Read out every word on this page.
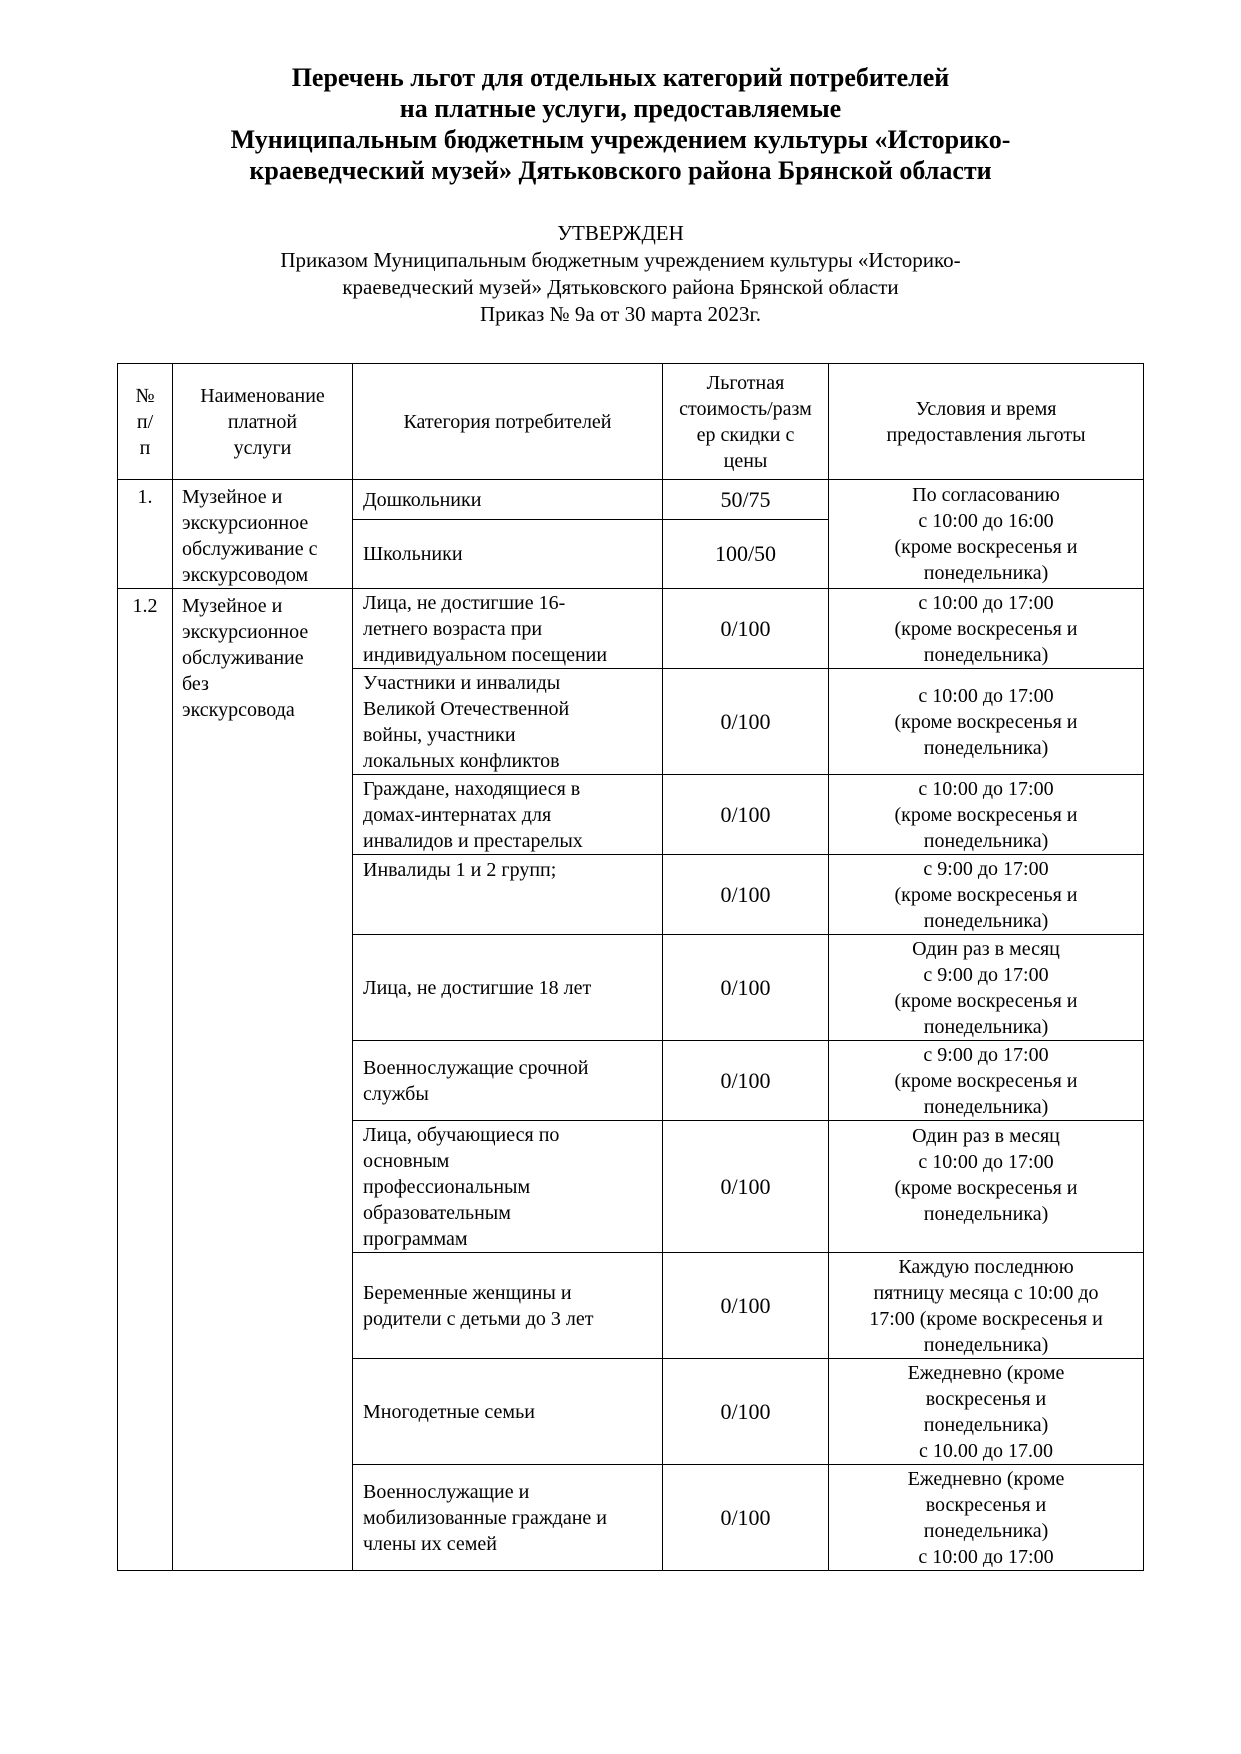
Перечень льгот для отдельных категорий потребителей
на платные услуги, предоставляемые
Муниципальным бюджетным учреждением культуры «Историко-
краеведческий музей» Дятьковского района Брянской области
УТВЕРЖДЕН
Приказом Муниципальным бюджетным учреждением культуры «Историко-
краеведческий музей» Дятьковского района Брянской области
Приказ № 9а от 30 марта 2023г.
№
п/
п	Наименование
платной
услуги	Категория потребителей	Льготная
стоимость/разм
ер скидки с
цены	Условия и время
предоставления льготы
1.	Музейное и
экскурсионное
обслуживание с
экскурсоводом	Дошкольники	50/75	По согласованию
с 10:00 до 16:00
(кроме воскресенья и
понедельника)
		Школьники	100/50	
1.2	Музейное и
экскурсионное
обслуживание
без
экскурсовода	Лица, не достигшие 16-
летнего возраста при
индивидуальном посещении	0/100	с 10:00 до 17:00
(кроме воскресенья и
понедельника)
		Участники и инвалиды
Великой Отечественной
войны, участники
локальных конфликтов	0/100	с 10:00 до 17:00
(кроме воскресенья и
понедельника)
		Граждане, находящиеся в
домах-интернатах для
инвалидов и престарелых	0/100	с 10:00 до 17:00
(кроме воскресенья и
понедельника)
		Инвалиды 1 и 2 групп;	0/100	с 9:00 до 17:00
(кроме воскресенья и
понедельника)
		Лица, не достигшие 18 лет	0/100	Один раз в месяц
с 9:00 до 17:00
(кроме воскресенья и
понедельника)
		Военнослужащие срочной
службы	0/100	с 9:00 до 17:00
(кроме воскресенья и
понедельника)
		Лица, обучающиеся по
основным
профессиональным
образовательным
программам	0/100	Один раз в месяц
с 10:00 до 17:00
(кроме воскресенья и
понедельника)
		Беременные женщины и
родители с детьми до 3 лет	0/100	Каждую последнюю
пятницу месяца с 10:00 до
17:00 (кроме воскресенья и
понедельника)
		Многодетные семьи	0/100	Ежедневно (кроме
воскресенья и
понедельника)
с 10.00 до 17.00
		Военнослужащие и
мобилизованные граждане и
члены их семей	0/100	Ежедневно (кроме
воскресенья и
понедельника)
с 10:00 до 17:00
